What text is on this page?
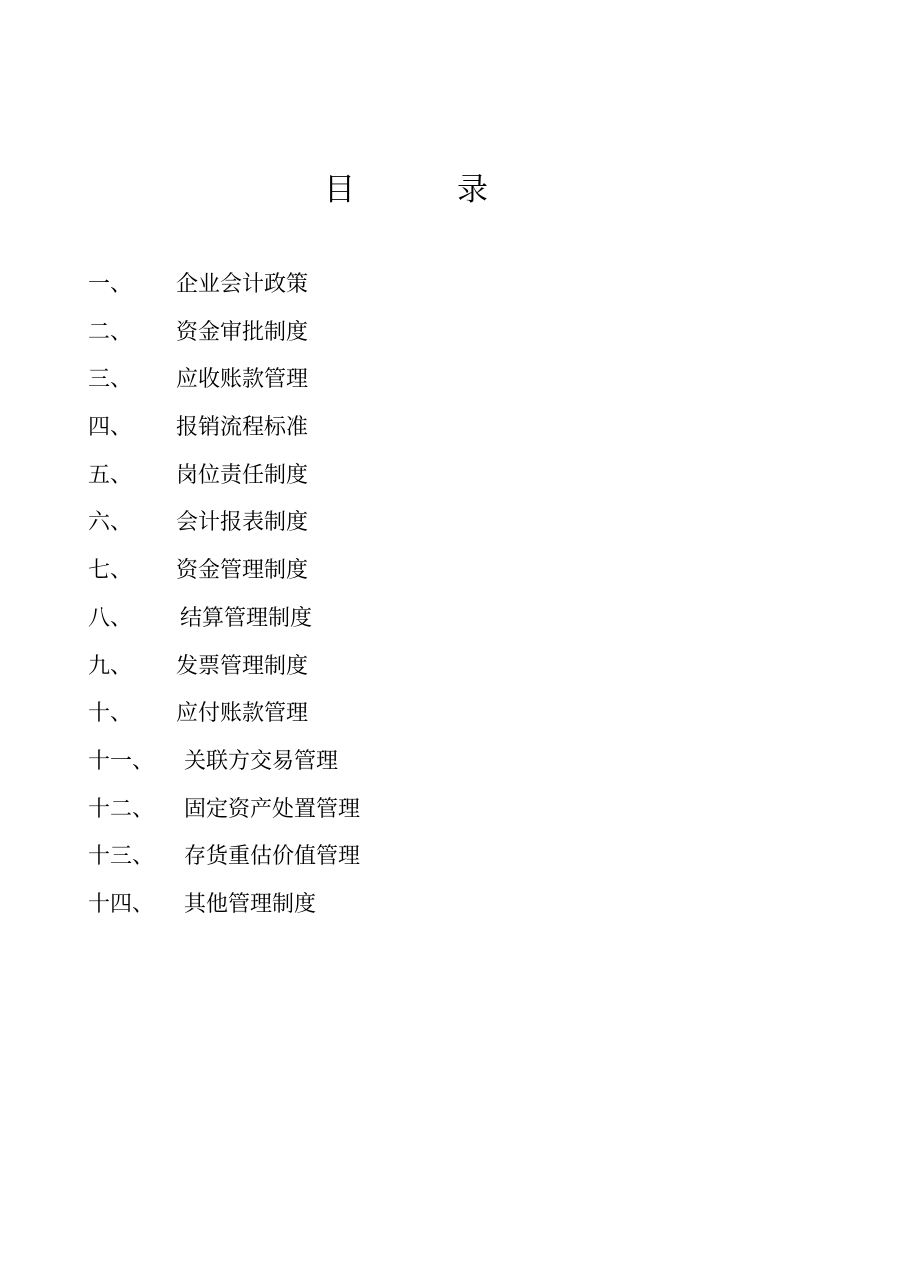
目	录
一、 企业会计政策
二、 资金审批制度
三、 应收账款管理
四、 报销流程标准
五、 岗位责任制度
六、 会计报表制度
七、 资金管理制度
八、 结算管理制度
九、 发票管理制度
十、 应付账款管理
十一、 关联方交易管理
十二、 固定资产处置管理
十三、 存货重估价值管理
十四、 其他管理制度
